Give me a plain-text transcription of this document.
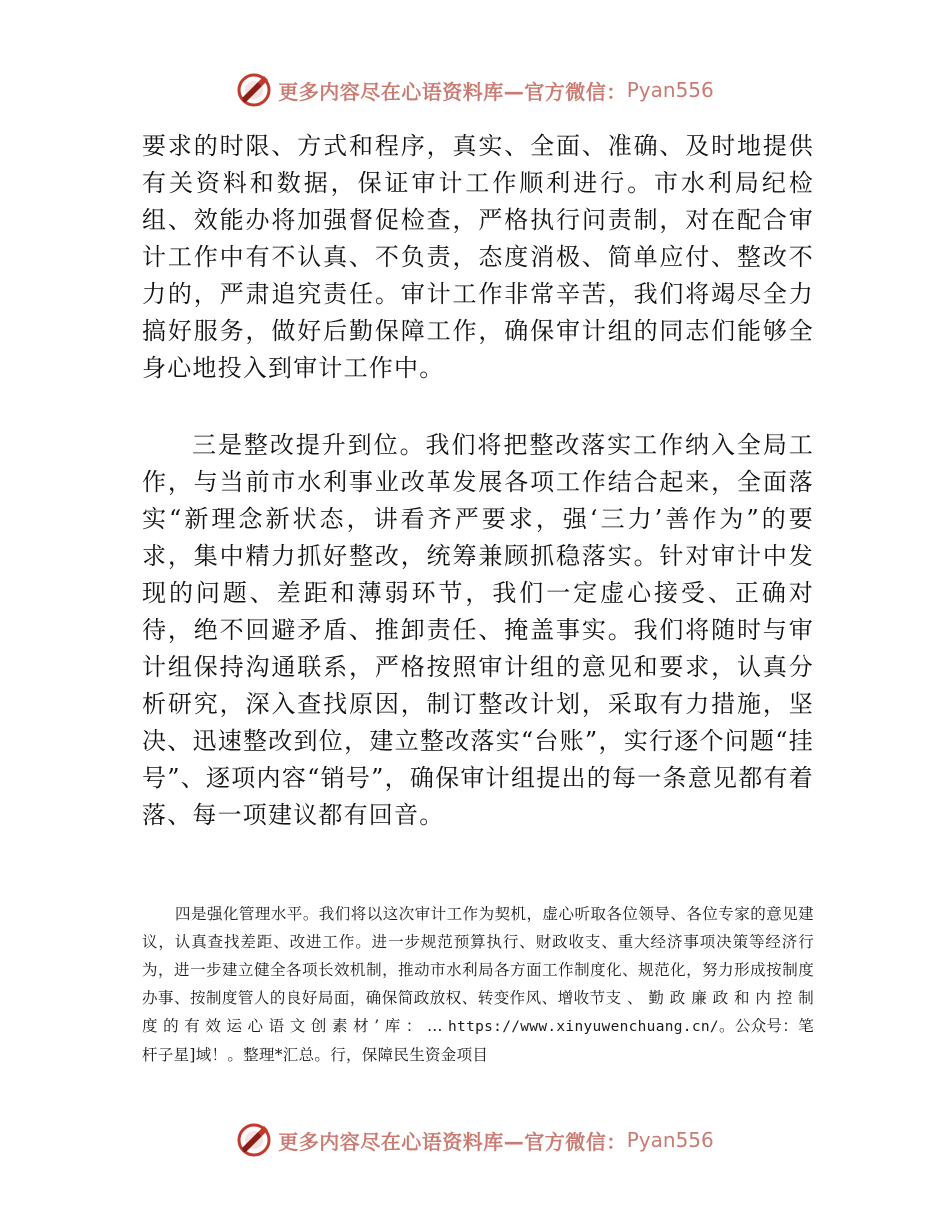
更多内容尽在心语资料库—官方微信： Pyan556

要求的时限、方式和程序，真实、全面、准确、及时地提供有关资料和数据，保证审计工作顺利进行。市水利局纪检组、效能办将加强督促检查，严格执行问责制，对在配合审计工作中有不认真、不负责，态度消极、简单应付、整改不力的，严肃追究责任。审计工作非常辛苦，我们将竭尽全力搞好服务，做好后勤保障工作，确保审计组的同志们能够全身心地投入到审计工作中。

三是整改提升到位。我们将把整改落实工作纳入全局工作，与当前市水利事业改革发展各项工作结合起来，全面落实“新理念新状态，讲看齐严要求，强‘三力’善作为”的要求，集中精力抓好整改，统筹兼顾抓稳落实。针对审计中发现的问题、差距和薄弱环节，我们一定虚心接受、正确对待，绝不回避矛盾、推卸责任、掩盖事实。我们将随时与审计组保持沟通联系，严格按照审计组的意见和要求，认真分析研究，深入查找原因，制订整改计划，采取有力措施，坚决、迅速整改到位，建立整改落实“台账”，实行逐个问题“挂号”、逐项内容“销号”，确保审计组提出的每一条意见都有着落、每一项建议都有回音。

四是强化管理水平。我们将以这次审计工作为契机，虚心听取各位领导、各位专家的意见建议，认真查找差距、改进工作。进一步规范预算执行、财政收支、重大经济事项决策等经济行为，进一步建立健全各项长效机制，推动市水利局各方面工作制度化、规范化，努力形成按制度办事、按制度管人的良好局面，确保简政放权、转变作风、增收节支 、 勤 政 廉 政 和 内 控 制 度 的 有 效 运 心 语 文 创 素 材 ’ 库 ： … https://www.xinyuwenchuang.cn/。公众号：笔杆子星]域！。整理*汇总。行，保障民生资金项目

更多内容尽在心语资料库—官方微信： Pyan556
